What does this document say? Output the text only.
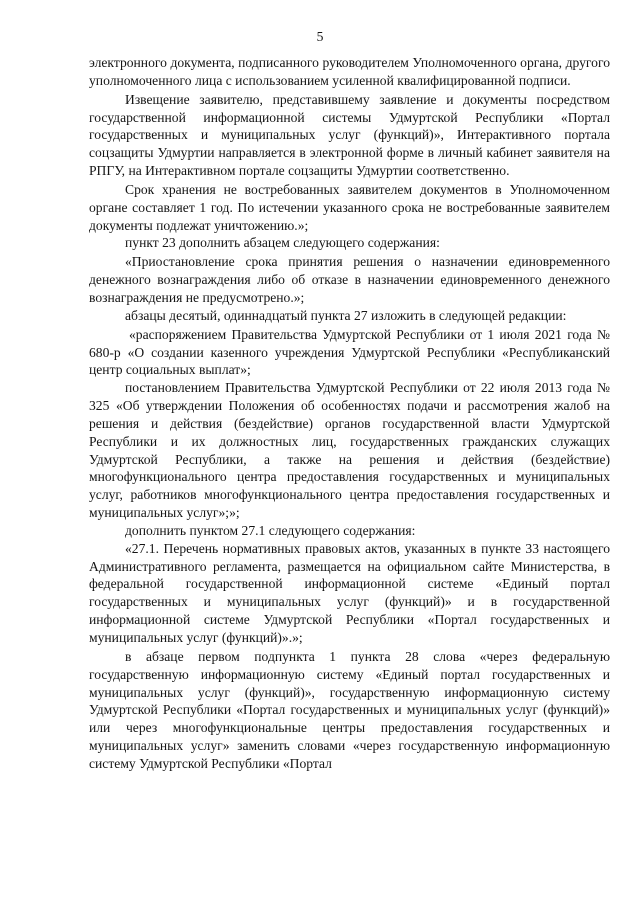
5

электронного документа, подписанного руководителем Уполномоченного органа, другого уполномоченного лица с использованием усиленной квалифицированной подписи.

Извещение заявителю, представившему заявление и документы посредством государственной информационной системы Удмуртской Республики «Портал государственных и муниципальных услуг (функций)», Интерактивного портала соцзащиты Удмуртии направляется в электронной форме в личный кабинет заявителя на РПГУ, на Интерактивном портале соцзащиты Удмуртии соответственно.

Срок хранения не востребованных заявителем документов в Уполномоченном органе составляет 1 год. По истечении указанного срока не востребованные заявителем документы подлежат уничтожению.»;

пункт 23 дополнить абзацем следующего содержания:

«Приостановление срока принятия решения о назначении единовременного денежного вознаграждения либо об отказе в назначении единовременного денежного вознаграждения не предусмотрено.»;

абзацы десятый, одиннадцатый пункта 27 изложить в следующей редакции:

«распоряжением Правительства Удмуртской Республики от 1 июля 2021 года № 680-р «О создании казенного учреждения Удмуртской Республики «Республиканский центр социальных выплат»;

постановлением Правительства Удмуртской Республики от 22 июля 2013 года № 325 «Об утверждении Положения об особенностях подачи и рассмотрения жалоб на решения и действия (бездействие) органов государственной власти Удмуртской Республики и их должностных лиц, государственных гражданских служащих Удмуртской Республики, а также на решения и действия (бездействие) многофункционального центра предоставления государственных и муниципальных услуг, работников многофункционального центра предоставления государственных и муниципальных услуг»;»;

дополнить пунктом 27.1 следующего содержания:

«27.1. Перечень нормативных правовых актов, указанных в пункте 33 настоящего Административного регламента, размещается на официальном сайте Министерства, в федеральной государственной информационной системе «Единый портал государственных и муниципальных услуг (функций)» и в государственной информационной системе Удмуртской Республики «Портал государственных и муниципальных услуг (функций)».»;

в абзаце первом подпункта 1 пункта 28 слова «через федеральную государственную информационную систему «Единый портал государственных и муниципальных услуг (функций)», государственную информационную систему Удмуртской Республики «Портал государственных и муниципальных услуг (функций)» или через многофункциональные центры предоставления государственных и муниципальных услуг» заменить словами «через государственную информационную систему Удмуртской Республики «Портал
